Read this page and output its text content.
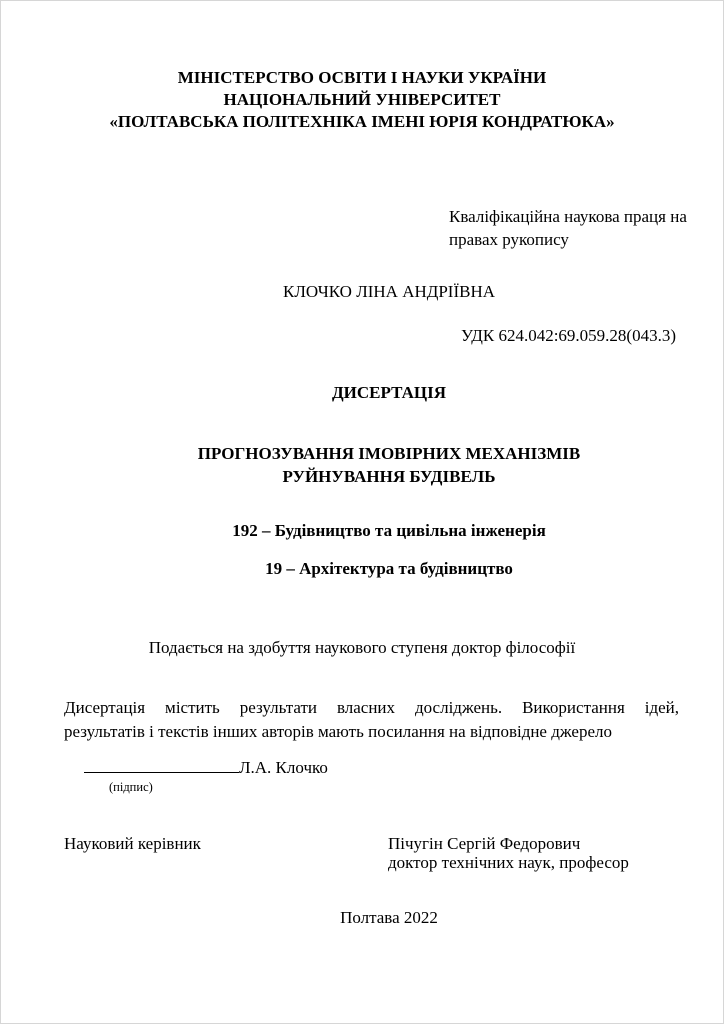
МІНІСТЕРСТВО ОСВІТИ І НАУКИ УКРАЇНИ
НАЦІОНАЛЬНИЙ УНІВЕРСИТЕТ
«ПОЛТАВСЬКА ПОЛІТЕХНІКА ІМЕНІ ЮРІЯ КОНДРАТЮКА»
Кваліфікаційна наукова праця на
правах рукопису
КЛОЧКО ЛІНА АНДРІЇВНА
УДК 624.042:69.059.28(043.3)
ДИСЕРТАЦІЯ
ПРОГНОЗУВАННЯ ІМОВІРНИХ МЕХАНІЗМІВ
РУЙНУВАННЯ БУДІВЕЛЬ
192 – Будівництво та цивільна інженерія
19 – Архітектура та будівництво
Подається на здобуття наукового ступеня доктор філософії
Дисертація містить результати власних досліджень. Використання ідей,
результатів і текстів інших авторів мають посилання на відповідне джерело
Л.А. Клочко
(підпис)
Науковий керівник	Пічугін Сергій Федорович
доктор технічних наук, професор
Полтава 2022
